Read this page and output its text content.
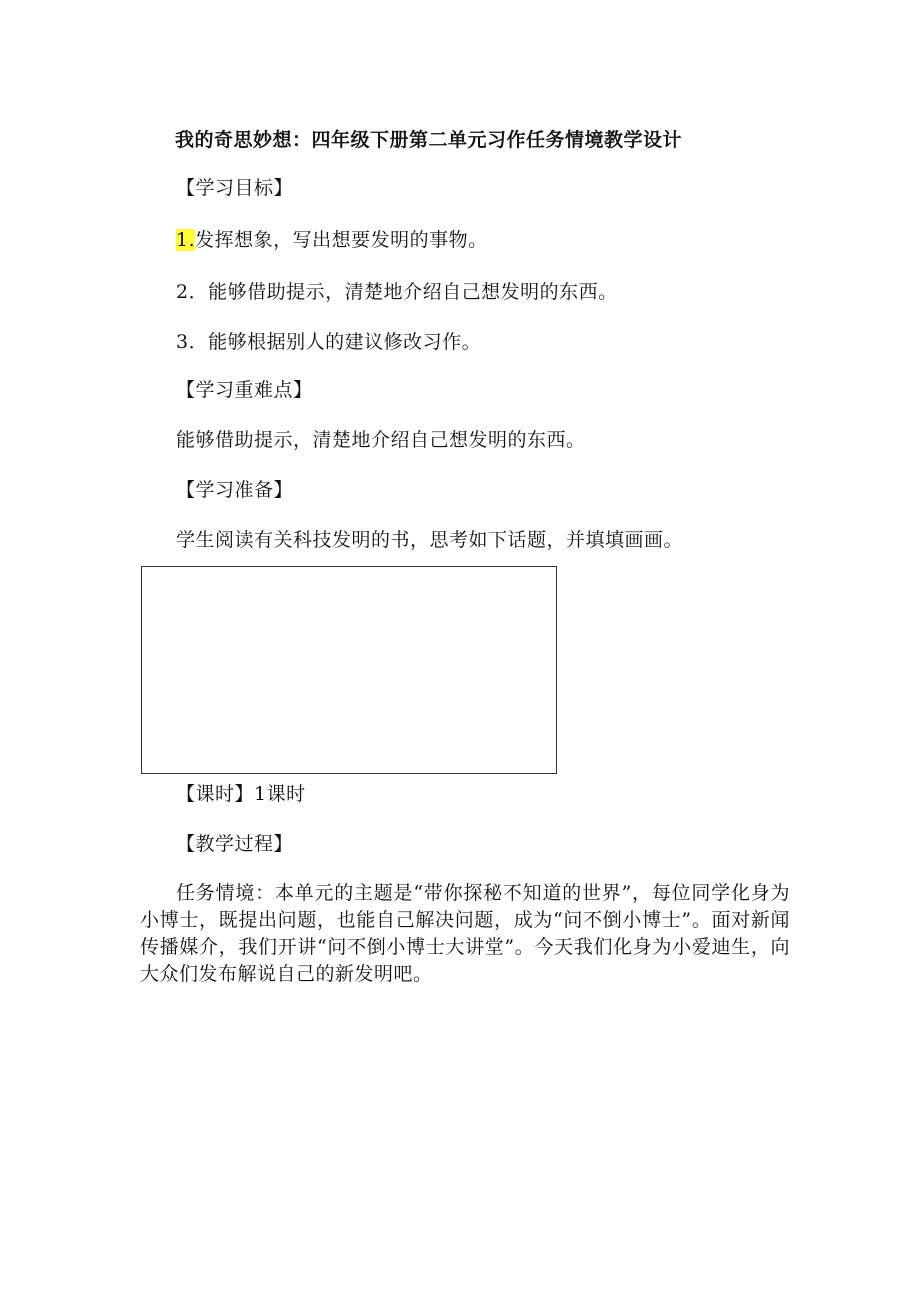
我的奇思妙想：四年级下册第二单元习作任务情境教学设计
【学习目标】
1.发挥想象，写出想要发明的事物。
2．能够借助提示，清楚地介绍自己想发明的东西。
3．能够根据别人的建议修改习作。
【学习重难点】
能够借助提示，清楚地介绍自己想发明的东西。
【学习准备】
学生阅读有关科技发明的书，思考如下话题，并填填画画。
【课时】1课时
【教学过程】
任务情境：本单元的主题是“带你探秘不知道的世界”，每位同学化身为小博士，既提出问题，也能自己解决问题，成为“问不倒小博士”。面对新闻传播媒介，我们开讲“问不倒小博士大讲堂”。今天我们化身为小爱迪生，向大众们发布解说自己的新发明吧。
